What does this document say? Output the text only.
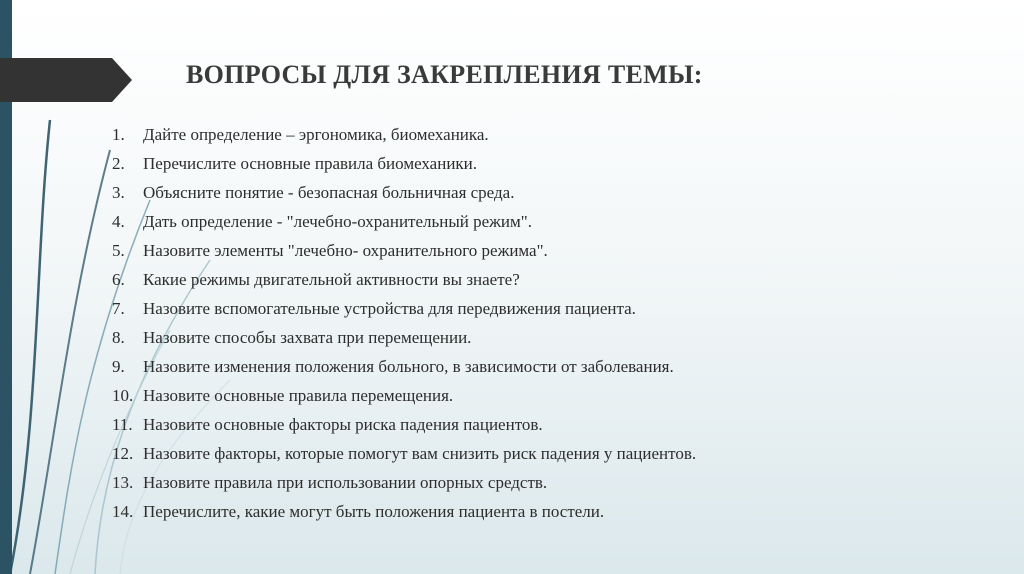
ВОПРОСЫ ДЛЯ ЗАКРЕПЛЕНИЯ ТЕМЫ:
1.	Дайте определение – эргономика, биомеханика.
2.	Перечислите основные правила биомеханики.
3.	Объясните понятие - безопасная больничная среда.
4.	Дать определение - "лечебно-охранительный режим".
5.	Назовите элементы "лечебно- охранительного режима".
6.	Какие режимы двигательной активности вы знаете?
7.	Назовите вспомогательные устройства для передвижения пациента.
8.	Назовите способы захвата при перемещении.
9.	Назовите изменения положения больного, в зависимости от заболевания.
10. Назовите основные правила перемещения.
11. Назовите основные факторы риска падения пациентов.
12. Назовите факторы, которые помогут вам снизить риск падения у пациентов.
13. Назовите правила при использовании опорных средств.
14. Перечислите, какие могут быть положения пациента в постели.
